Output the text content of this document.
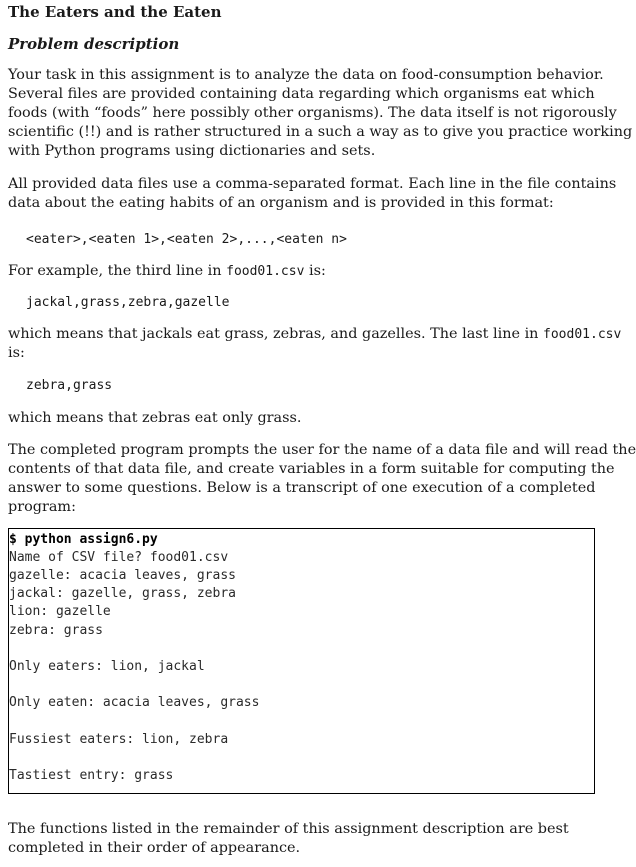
The Eaters and the Eaten
Problem description
Your task in this assignment is to analyze the data on food-consumption behavior.
Several files are provided containing data regarding which organisms eat which
foods (with “foods” here possibly other organisms). The data itself is not rigorously
scientific (!!) and is rather structured in a such a way as to give you practice working
with Python programs using dictionaries and sets.
All provided data files use a comma-separated format. Each line in the file contains
data about the eating habits of an organism and is provided in this format:
<eater>,<eaten 1>,<eaten 2>,...,<eaten n>
For example, the third line in food01.csv is:
jackal,grass,zebra,gazelle
which means that jackals eat grass, zebras, and gazelles. The last line in food01.csv
is:
zebra,grass
which means that zebras eat only grass.
The completed program prompts the user for the name of a data file and will read the
contents of that data file, and create variables in a form suitable for computing the
answer to some questions. Below is a transcript of one execution of a completed
program:
$ python assign6.py
Name of CSV file? food01.csv
gazelle: acacia leaves, grass
jackal: gazelle, grass, zebra
lion: gazelle
zebra: grass
Only eaters: lion, jackal
Only eaten: acacia leaves, grass
Fussiest eaters: lion, zebra
Tastiest entry: grass
The functions listed in the remainder of this assignment description are best
completed in their order of appearance.
